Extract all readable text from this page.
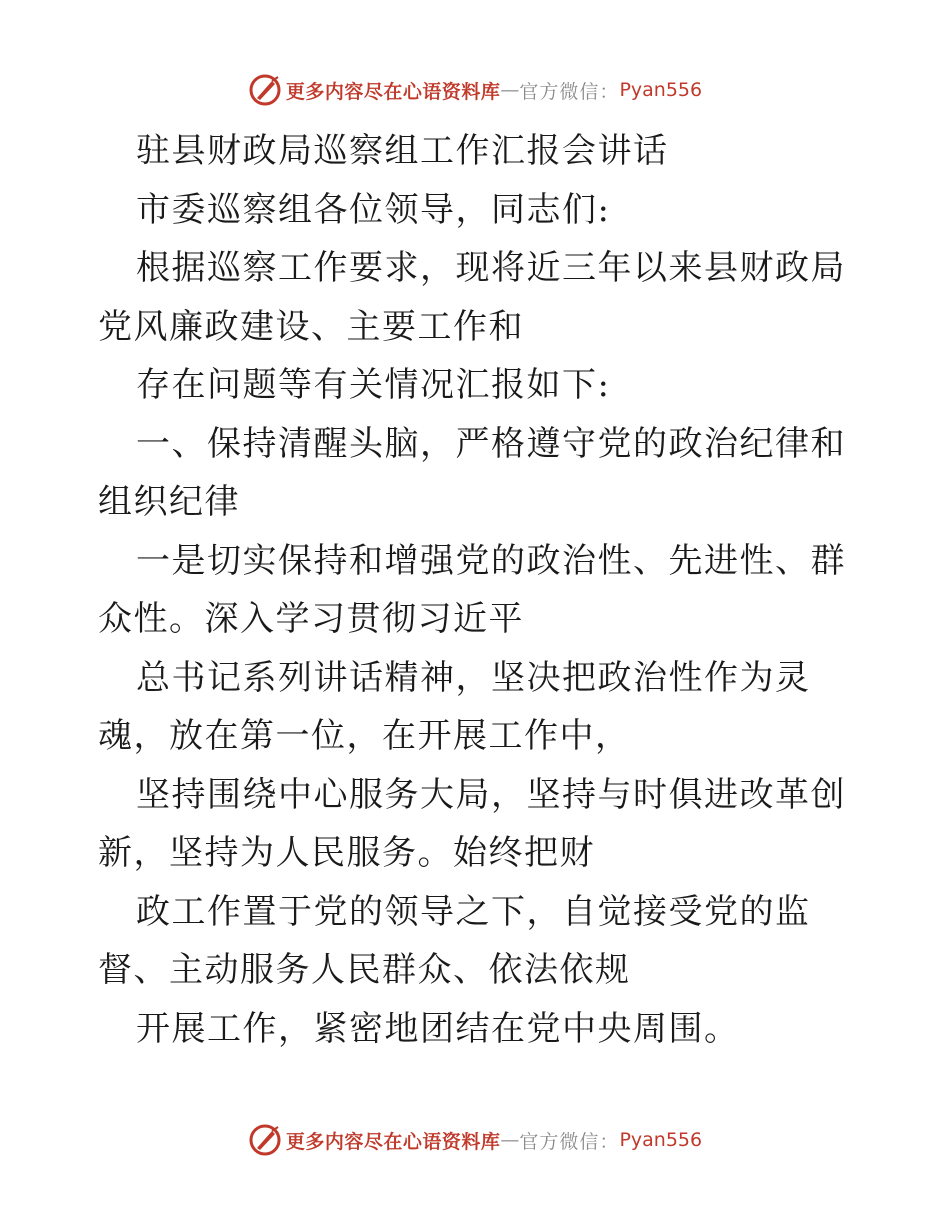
更多内容尽在心语资料库 — 官方微信： Pyan556

驻县财政局巡察组工作汇报会讲话

市委巡察组各位领导，同志们:

根据巡察工作要求，现将近三年以来县财政局党风廉政建设、主要工作和

存在问题等有关情况汇报如下:

一、保持清醒头脑，严格遵守党的政治纪律和组织纪律

一是切实保持和增强党的政治性、先进性、群众性。深入学习贯彻习近平

总书记系列讲话精神，坚决把政治性作为灵魂，放在第一位，在开展工作中，

坚持围绕中心服务大局，坚持与时俱进改革创新，坚持为人民服务。始终把财

政工作置于党的领导之下，自觉接受党的监督、主动服务人民群众、依法依规

开展工作，紧密地团结在党中央周围。

更多内容尽在心语资料库 — 官方微信： Pyan556
